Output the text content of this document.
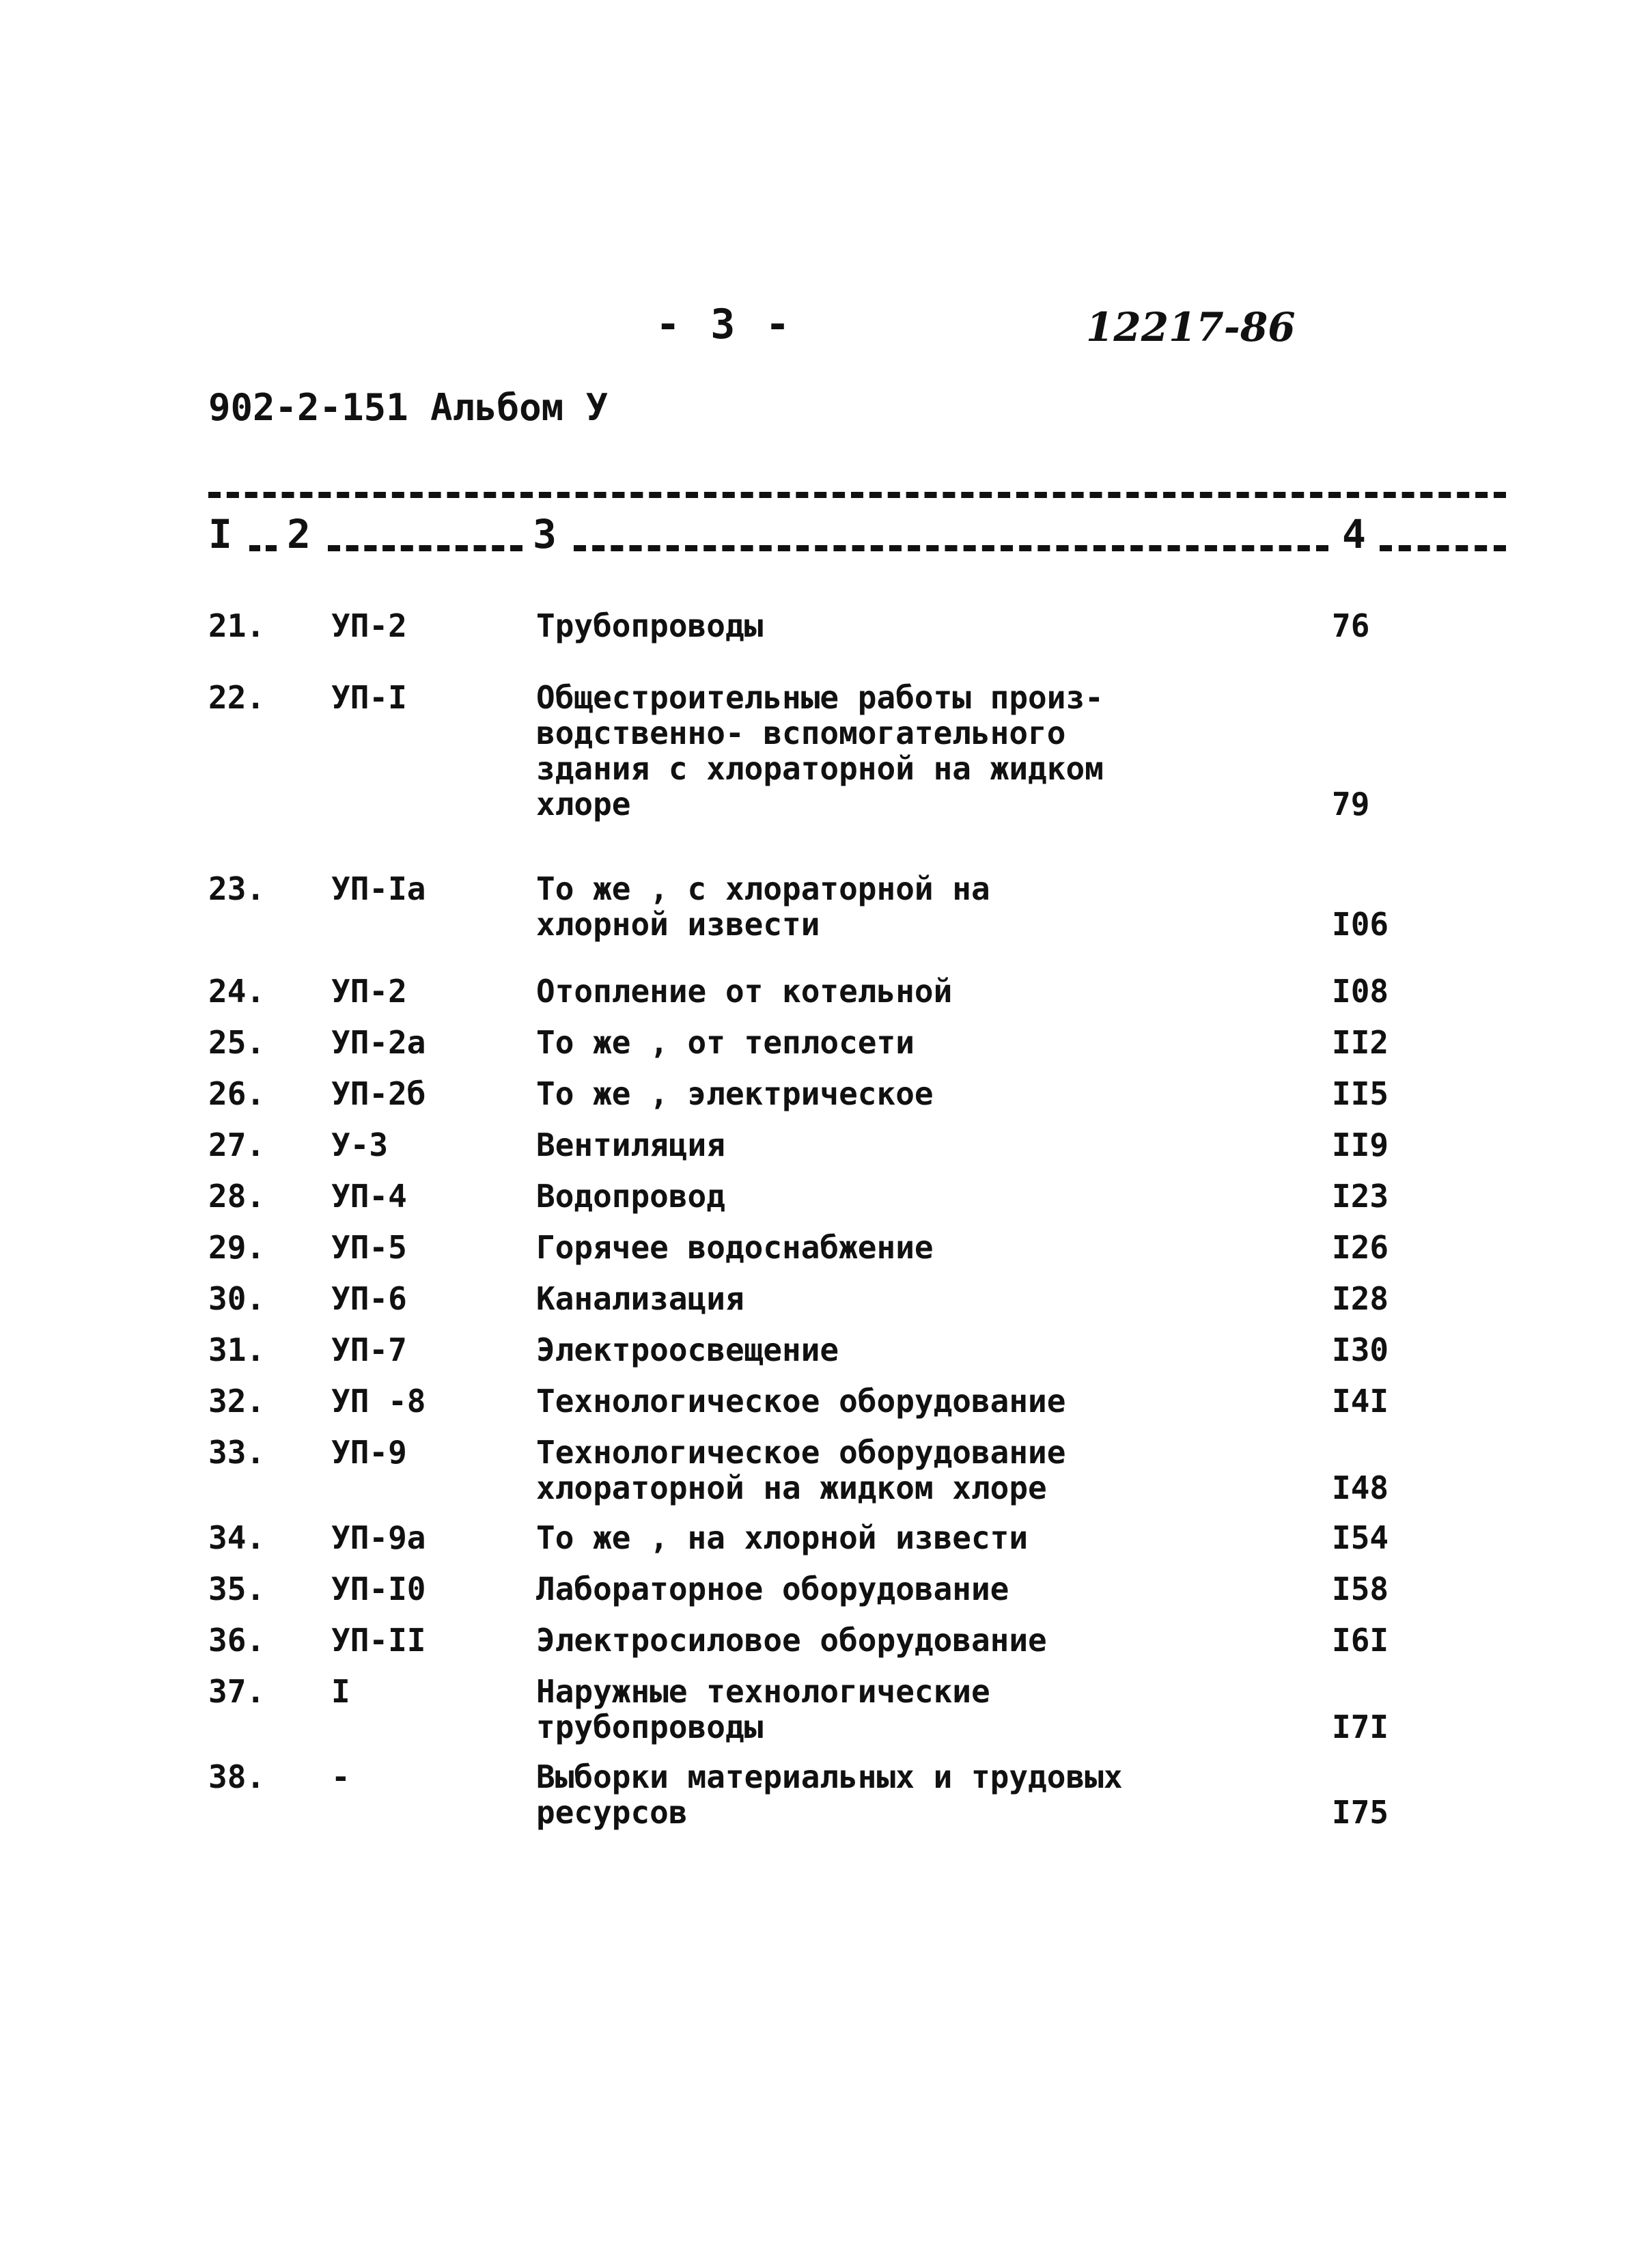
- 3 -	12217-86
902-2-151 Альбом У
I 2	3	4
21. УП-2	Трубопроводы	76
22. УП-I	Общестроительные работы произ-
водственно- вспомогательного
здания с хлораторной на жидком
хлоре	79
23. УП-Iа	То же , с хлораторной на
хлорной извести	I06
24. УП-2	Отопление от котельной	I08
25. УП-2а	То же , от теплосети	II2
26. УП-2б	То же , электрическое	II5
27. У-3	Вентиляция	II9
28. УП-4	Водопровод	I23
29. УП-5	Горячее водоснабжение	I26
30. УП-6	Канализация	I28
31. УП-7	Электроосвещение	I30
32. УП -8	Технологическое оборудование	I4I
33. УП-9	Технологическое оборудование
хлораторной на жидком хлоре	I48
34. УП-9а	То же , на хлорной извести	I54
35. УП-I0	Лабораторное оборудование	I58
36. УП-II	Электросиловое оборудование	I6I
37. I	Наружные технологические
трубопроводы	I7I
38. -	Выборки материальных и трудовых
ресурсов	I75
